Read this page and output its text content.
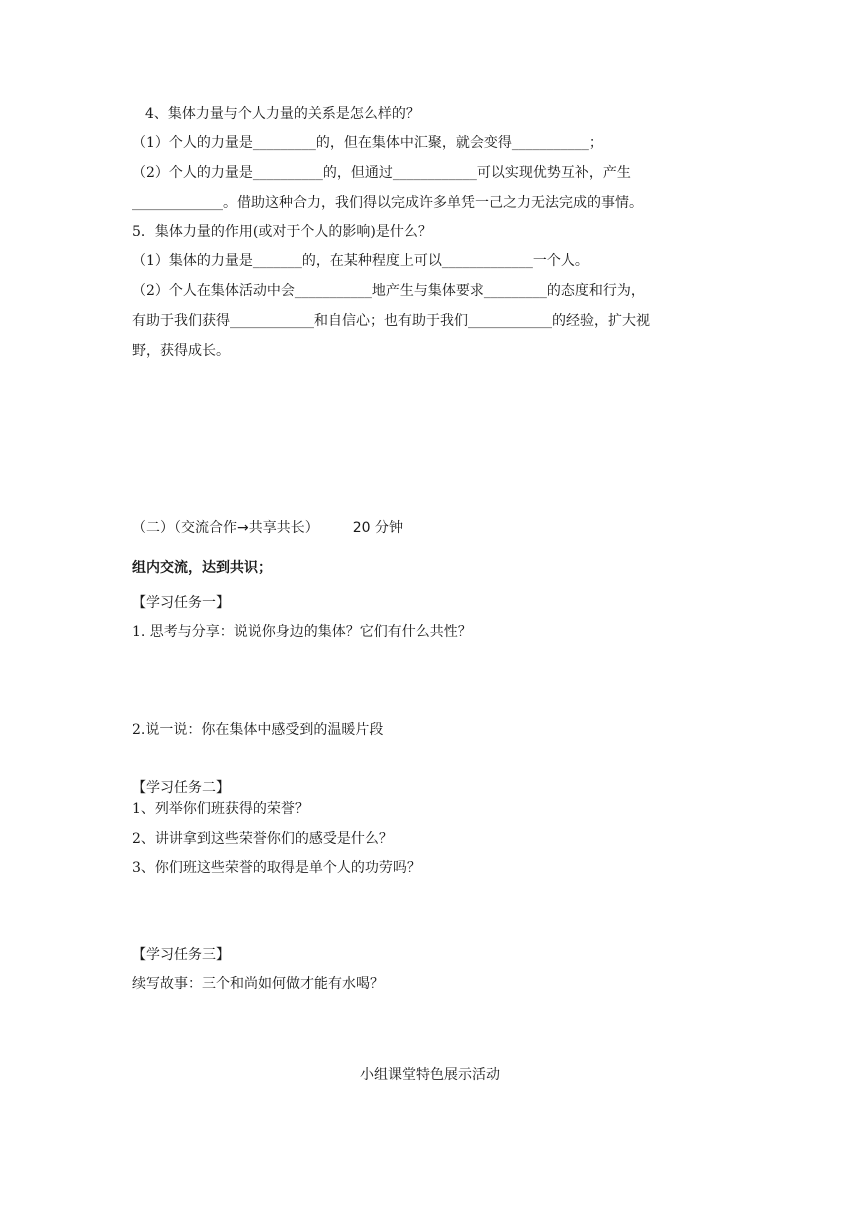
4、集体力量与个人力量的关系是怎么样的？
（1）个人的力量是_________的，但在集体中汇聚，就会变得___________；
（2）个人的力量是__________的，但通过____________可以实现优势互补，产生
_____________。借助这种合力，我们得以完成许多单凭一己之力无法完成的事情。
5．集体力量的作用(或对于个人的影响)是什么？
（1）集体的力量是_______的，在某种程度上可以_____________一个人。
（2）个人在集体活动中会___________地产生与集体要求_________的态度和行为，
有助于我们获得____________和自信心；也有助于我们____________的经验，扩大视
野，获得成长。
（二）（交流合作→共享共长） 20 分钟
组内交流，达到共识；
【学习任务一】
1. 思考与分享：说说你身边的集体？它们有什么共性？
2.说一说：你在集体中感受到的温暖片段
【学习任务二】
1、列举你们班获得的荣誉？
2、讲讲拿到这些荣誉你们的感受是什么？
3、你们班这些荣誉的取得是单个人的功劳吗？
【学习任务三】
续写故事：三个和尚如何做才能有水喝？
小组课堂特色展示活动
